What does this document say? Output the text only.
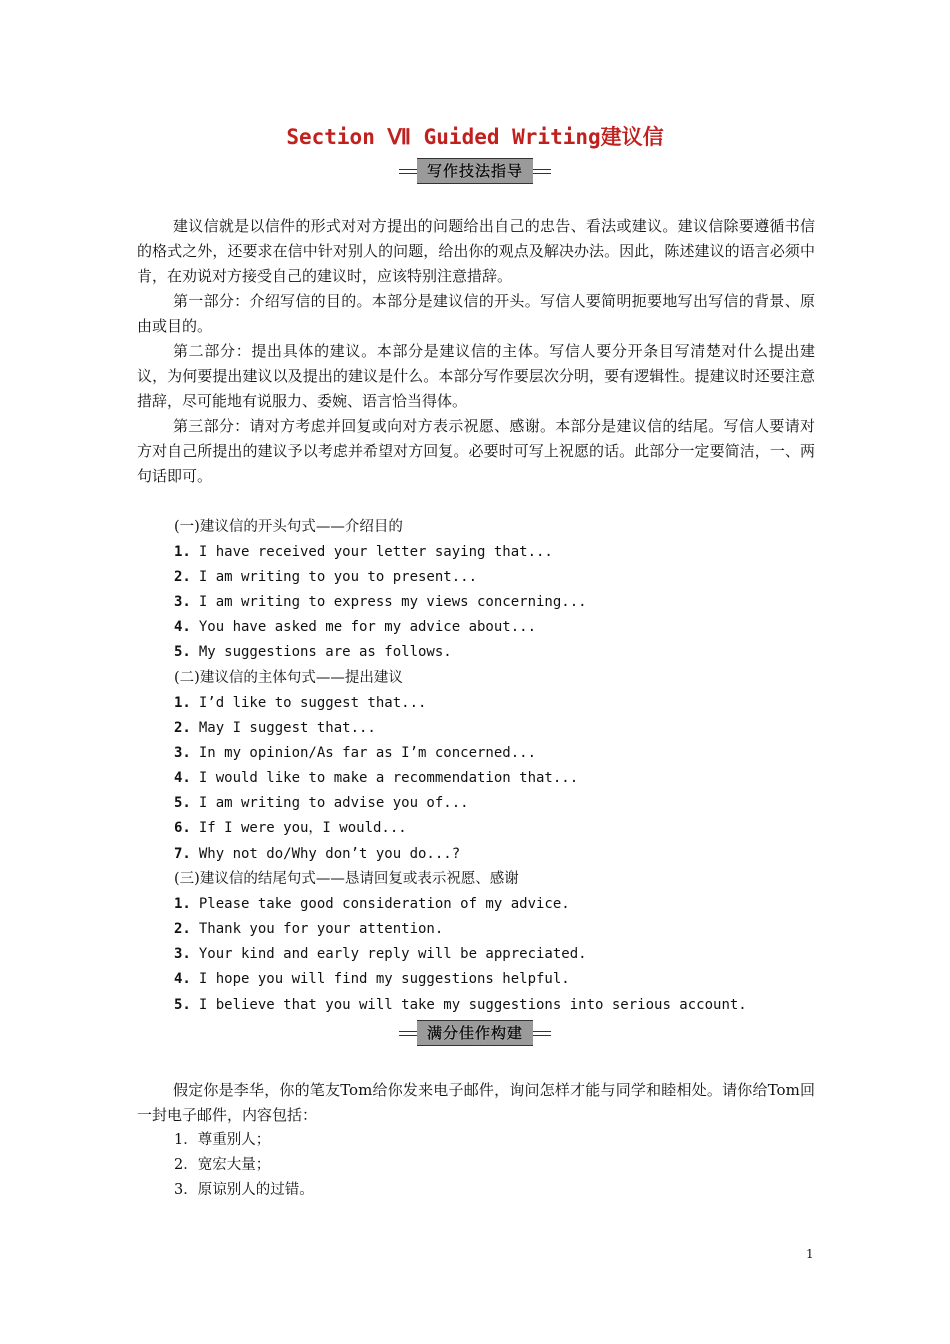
Section Ⅶ Guided Writing建议信
写作技法指导

建议信就是以信件的形式对对方提出的问题给出自己的忠告、看法或建议。建议信除要遵循书信的格式之外，还要求在信中针对别人的问题，给出你的观点及解决办法。因此，陈述建议的语言必须中肯，在劝说对方接受自己的建议时，应该特别注意措辞。

第一部分：介绍写信的目的。本部分是建议信的开头。写信人要简明扼要地写出写信的背景、原由或目的。

第二部分：提出具体的建议。本部分是建议信的主体。写信人要分开条目写清楚对什么提出建议，为何要提出建议以及提出的建议是什么。本部分写作要层次分明，要有逻辑性。提建议时还要注意措辞，尽可能地有说服力、委婉、语言恰当得体。

第三部分：请对方考虑并回复或向对方表示祝愿、感谢。本部分是建议信的结尾。写信人要请对方对自己所提出的建议予以考虑并希望对方回复。必要时可写上祝愿的话。此部分一定要简洁，一、两句话即可。

(一)建议信的开头句式——介绍目的

1. I have received your letter saying that...

2. I am writing to you to present...

3. I am writing to express my views concerning...

4. You have asked me for my advice about...

5. My suggestions are as follows.

(二)建议信的主体句式——提出建议

1. I’d like to suggest that...

2. May I suggest that...

3. In my opinion/As far as I’m concerned...

4. I would like to make a recommendation that...

5. I am writing to advise you of...

6. If I were you，I would...

7. Why not do/Why don’t you do...?

(三)建议信的结尾句式——恳请回复或表示祝愿、感谢

1. Please take good consideration of my advice.

2. Thank you for your attention.

3. Your kind and early reply will be appreciated.

4. I hope you will find my suggestions helpful.

5. I believe that you will take my suggestions into serious account.

满分佳作构建

假定你是李华，你的笔友Tom给你发来电子邮件，询问怎样才能与同学和睦相处。请你给Tom回一封电子邮件，内容包括：

1．尊重别人；

2．宽宏大量；

3．原谅别人的过错。

1
